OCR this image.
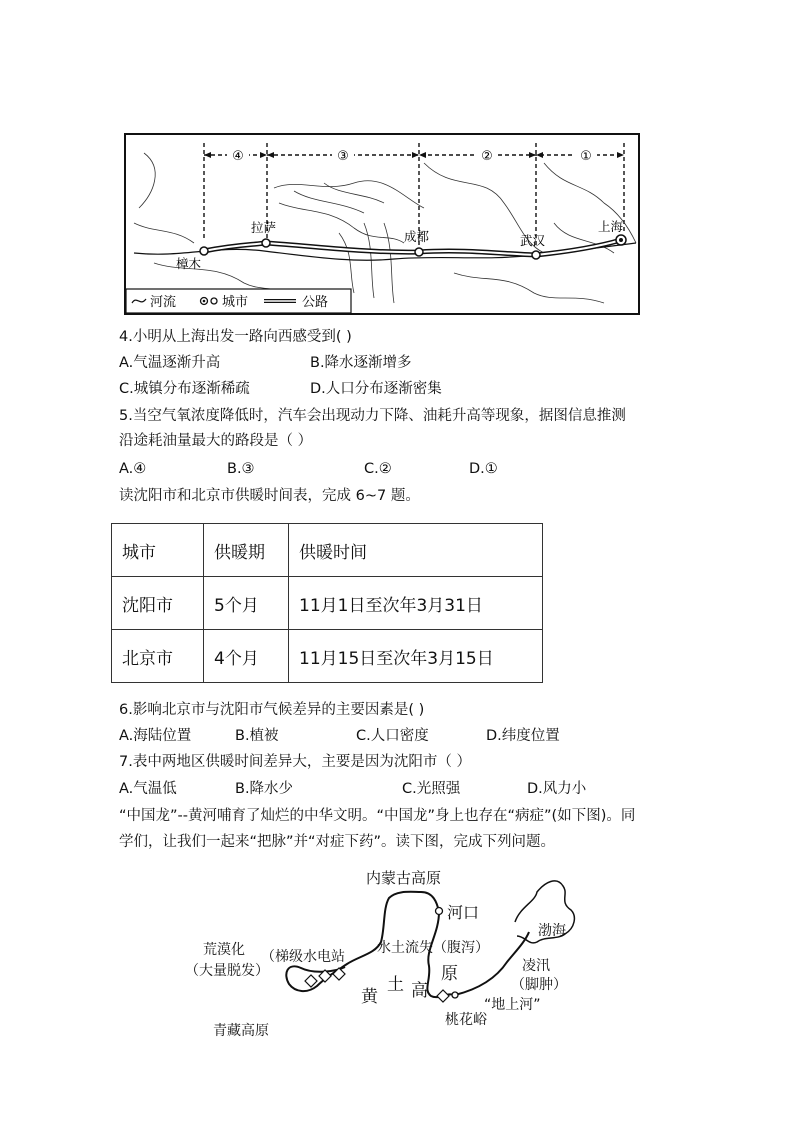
④	③	②	①
樟木
拉萨
成都	武汉
上海
河流	城市	公路
4.小明从上海出发一路向西感受到( )
A.气温逐渐升高	B.降水逐渐增多
C.城镇分布逐渐稀疏	D.人口分布逐渐密集
5.当空气氧浓度降低时，汽车会出现动力下降、油耗升高等现象，据图信息推测
沿途耗油量最大的路段是（ ）
A.④	B.③	C.②	D.①
读沈阳市和北京市供暖时间表，完成 6~7 题。
城市	供暖期	供暖时间
沈阳市	5个月	11月1日至次年3月31日
北京市	4个月	11月15日至次年3月15日
6.影响北京市与沈阳市气候差异的主要因素是( )
A.海陆位置	B.植被	C.人口密度	D.纬度位置
7.表中两地区供暖时间差异大，主要是因为沈阳市（ ）
A.气温低	B.降水少	C.光照强	D.风力小
“中国龙”--黄河哺育了灿烂的中华文明。“中国龙”身上也存在“病症”(如下图)。同
学们，让我们一起来“把脉”并“对症下药”。读下图，完成下列问题。
内蒙古高原
河口
荒漠化
（大量脱发）
（梯级水电站
水土流失（腹泻）
黄
土 高
原
渤海
凌汛
（脚肿）
“地上河”
桃花峪
青藏高原
